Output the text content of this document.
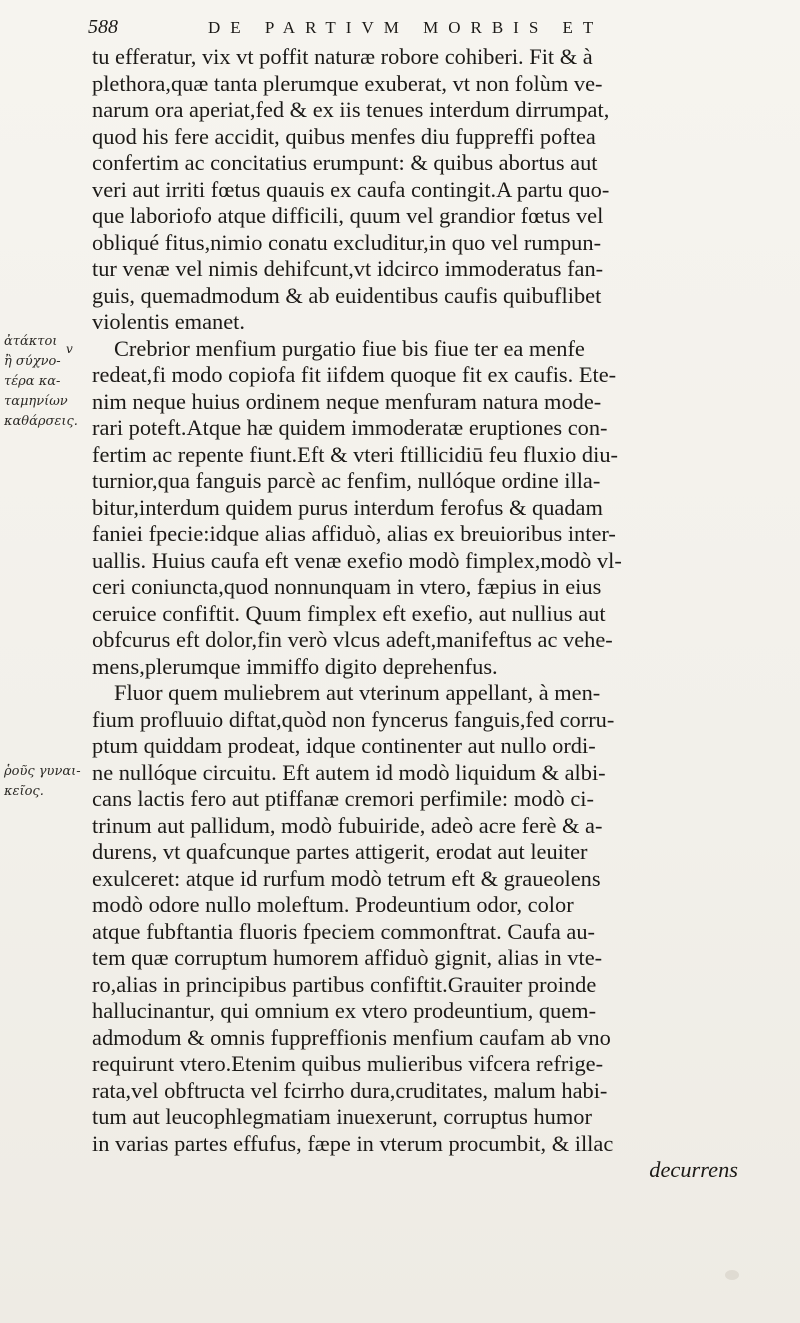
588	DE PARTIVM MORBIS ET
ἀτάκτοι
ἢ σύχνο-
τέρα κα-
ταμηνίων
καθάρσεις.
v
ῥοῦς γυναι-
κεῖος.
tu efferatur, vix vt poffit naturæ robore cohiberi. Fit & à
plethora,quæ tanta plerumque exuberat, vt non folùm ve-
narum ora aperiat,fed & ex iis tenues interdum dirrumpat,
quod his fere accidit, quibus menfes diu fuppreffi poftea
confertim ac concitatius erumpunt: & quibus abortus aut
veri aut irriti fœtus quauis ex caufa contingit.A partu quo-
que laboriofo atque difficili, quum vel grandior fœtus vel
obliqué fitus,nimio conatu excluditur,in quo vel rumpun-
tur venæ vel nimis dehifcunt,vt idcirco immoderatus fan-
guis, quemadmodum & ab euidentibus caufis quibuflibet
violentis emanet.
Crebrior menfium purgatio fiue bis fiue ter ea menfe
redeat,fi modo copiofa fit iifdem quoque fit ex caufis. Ete-
nim neque huius ordinem neque menfuram natura mode-
rari poteft.Atque hæ quidem immoderatæ eruptiones con-
fertim ac repente fiunt.Eft & vteri ftillicidiū feu fluxio diu-
turnior,qua fanguis parcè ac fenfim, nullóque ordine illa-
bitur,interdum quidem purus interdum ferofus & quadam
faniei fpecie:idque alias affiduò, alias ex breuioribus inter-
uallis. Huius caufa eft venæ exefio modò fimplex,modò vl-
ceri coniuncta,quod nonnunquam in vtero, fæpius in eius
ceruice confiftit. Quum fimplex eft exefio, aut nullius aut
obfcurus eft dolor,fin verò vlcus adeft,manifeftus ac vehe-
mens,plerumque immiffo digito deprehenfus.
Fluor quem muliebrem aut vterinum appellant, à men-
fium profluuio diftat,quòd non fyncerus fanguis,fed corru-
ptum quiddam prodeat, idque continenter aut nullo ordi-
ne nullóque circuitu. Eft autem id modò liquidum & albi-
cans lactis fero aut ptiffanæ cremori perfimile: modò ci-
trinum aut pallidum, modò fubuiride, adeò acre ferè & a-
durens, vt quafcunque partes attigerit, erodat aut leuiter
exulceret: atque id rurfum modò tetrum eft & graueolens
modò odore nullo moleftum. Prodeuntium odor, color
atque fubftantia fluoris fpeciem commonftrat. Caufa au-
tem quæ corruptum humorem affiduò gignit, alias in vte-
ro,alias in principibus partibus confiftit.Grauiter proinde
hallucinantur, qui omnium ex vtero prodeuntium, quem-
admodum & omnis fuppreffionis menfium caufam ab vno
requirunt vtero.Etenim quibus mulieribus vifcera refrige-
rata,vel obftructa vel fcirrho dura,cruditates, malum habi-
tum aut leucophlegmatiam inuexerunt, corruptus humor
in varias partes effufus, fæpe in vterum procumbit, & illac
decurrens
